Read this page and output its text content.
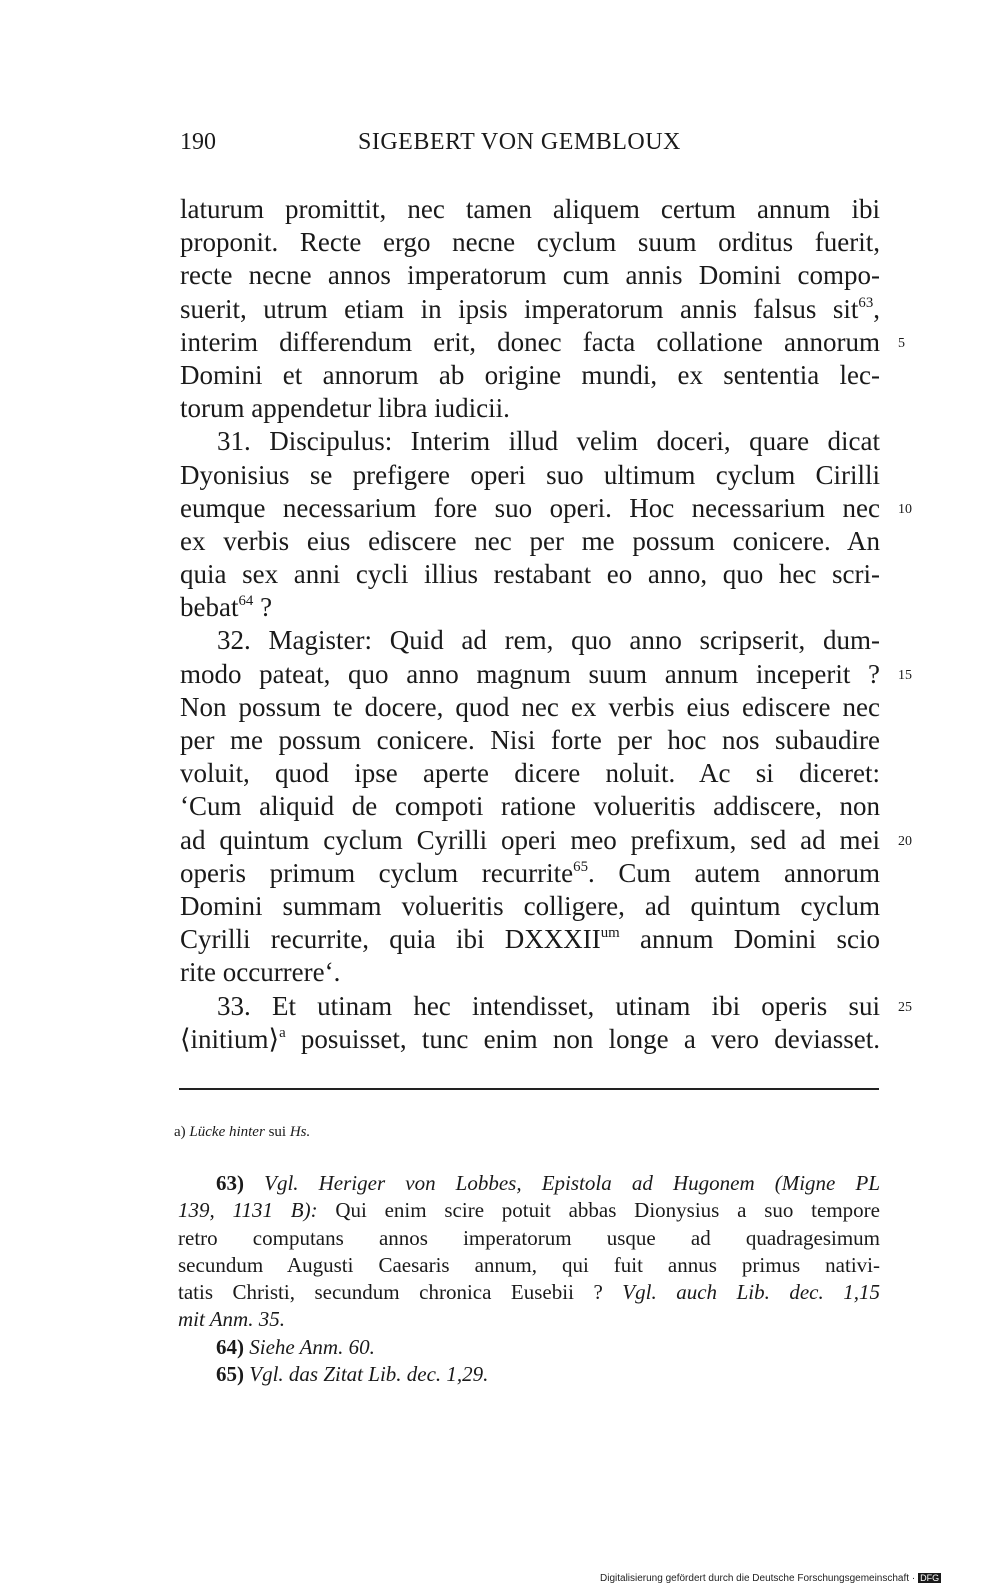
190	SIGEBERT VON GEMBLOUX
laturum promittit, nec tamen aliquem certum annum ibi
proponit. Recte ergo necne cyclum suum orditus fuerit,
recte necne annos imperatorum cum annis Domini compo-
suerit, utrum etiam in ipsis imperatorum annis falsus sit$^{63}$,
interim differendum erit, donec facta collatione annorum 5
Domini et annorum ab origine mundi, ex sententia lec-
torum appendetur libra iudicii.
31. Discipulus: Interim illud velim doceri, quare dicat
Dyonisius se prefigere operi suo ultimum cyclum Cirilli
eumque necessarium fore suo operi. Hoc necessarium nec 10
ex verbis eius ediscere nec per me possum conicere. An
quia sex anni cycli illius restabant eo anno, quo hec scri-
bebat$^{64}$ ?
32. Magister: Quid ad rem, quo anno scripserit, dum-
modo pateat, quo anno magnum suum annum inceperit ? 15
Non possum te docere, quod nec ex verbis eius ediscere nec
per me possum conicere. Nisi forte per hoc nos subaudire
voluit, quod ipse aperte dicere noluit. Ac si diceret:
‘Cum aliquid de compoti ratione volueritis addiscere, non
ad quintum cyclum Cyrilli operi meo prefixum, sed ad mei 20
operis primum cyclum recurrite$^{65}$. Cum autem annorum
Domini summam volueritis colligere, ad quintum cyclum
Cyrilli recurrite, quia ibi $DXXXII^{um}$ annum Domini scio
rite occurrere‘.
33. Et utinam hec intendisset, utinam ibi operis sui 25
⟨initium⟩$^a$ posuisset, tunc enim non longe a vero deviasset.
a) Lücke hinter sui Hs.
63) Vgl. Heriger von Lobbes, Epistola ad Hugonem (Migne PL
139, 1131 B): Qui enim scire potuit abbas Dionysius a suo tempore
retro computans annos imperatorum usque ad quadragesimum
secundum Augusti Caesaris annum, qui fuit annus primus nativi-
tatis Christi, secundum chronica Eusebii ? Vgl. auch Lib. dec. 1,15
mit Anm. 35.
64) Siehe Anm. 60.
65) Vgl. das Zitat Lib. dec. 1,29.
Digitalisierung gefördert durch die Deutsche Forschungsgemeinschaft · DFG
